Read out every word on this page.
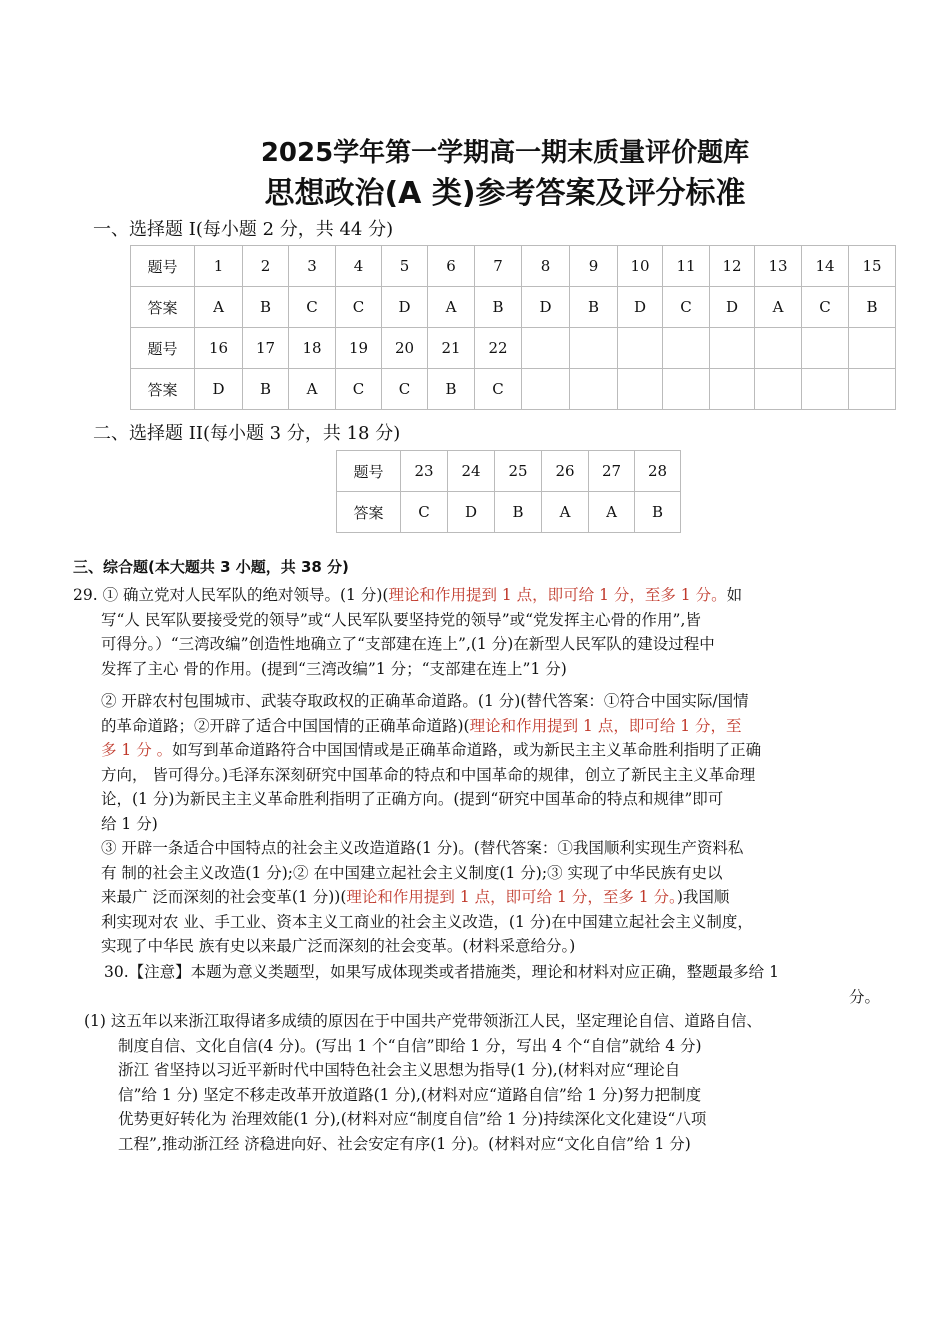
2025学年第一学期高一期末质量评价题库
思想政治(A 类)参考答案及评分标准
一、选择题 I(每小题 2 分，共 44 分)
题号	1	2	3	4	5	6	7	8	9	10	11	12	13	14	15
答案	A	B	C	C	D	A	B	D	B	D	C	D	A	C	B
题号	16	17	18	19	20	21	22								
答案	D	B	A	C	C	B	C								
二、选择题 II(每小题 3 分，共 18 分)
题号	23	24	25	26	27	28
答案	C	D	B	A	A	B
三、综合题(本大题共 3 小题，共 38 分)
29. ① 确立党对人民军队的绝对领导。(1 分)(理论和作用提到 1 点，即可给 1 分，至多 1 分。如
写“人 民军队要接受党的领导”或“人民军队要坚持党的领导”或“党发挥主心骨的作用”,皆
可得分。）“三湾改编”创造性地确立了“支部建在连上”,(1 分)在新型人民军队的建设过程中
发挥了主心 骨的作用。(提到“三湾改编”1 分；“支部建在连上”1 分)
② 开辟农村包围城市、武装夺取政权的正确革命道路。(1 分)(替代答案：①符合中国实际/国情
的革命道路；②开辟了适合中国国情的正确革命道路)(理论和作用提到 1 点，即可给 1 分，至
多 1 分 。如写到革命道路符合中国国情或是正确革命道路，或为新民主主义革命胜利指明了正确
方向， 皆可得分。)毛泽东深刻研究中国革命的特点和中国革命的规律，创立了新民主主义革命理
论，(1 分)为新民主主义革命胜利指明了正确方向。(提到“研究中国革命的特点和规律”即可
给 1 分)
③ 开辟一条适合中国特点的社会主义改造道路(1 分)。(替代答案：①我国顺利实现生产资料私
有 制的社会主义改造(1 分);② 在中国建立起社会主义制度(1 分);③ 实现了中华民族有史以
来最广 泛而深刻的社会变革(1 分))(理论和作用提到 1 点，即可给 1 分，至多 1 分。)我国顺
利实现对农 业、手工业、资本主义工商业的社会主义改造，(1 分)在中国建立起社会主义制度，
实现了中华民 族有史以来最广泛而深刻的社会变革。(材料采意给分。)
30.【注意】本题为意义类题型，如果写成体现类或者措施类，理论和材料对应正确，整题最多给 1
分。
(1) 这五年以来浙江取得诸多成绩的原因在于中国共产党带领浙江人民，坚定理论自信、道路自信、
制度自信、文化自信(4 分)。(写出 1 个“自信”即给 1 分，写出 4 个“自信”就给 4 分)
浙江 省坚持以习近平新时代中国特色社会主义思想为指导(1 分),(材料对应“理论自
信”给 1 分) 坚定不移走改革开放道路(1 分),(材料对应“道路自信”给 1 分)努力把制度
优势更好转化为 治理效能(1 分),(材料对应“制度自信”给 1 分)持续深化文化建设“八项
工程”,推动浙江经 济稳进向好、社会安定有序(1 分)。(材料对应“文化自信”给 1 分)
